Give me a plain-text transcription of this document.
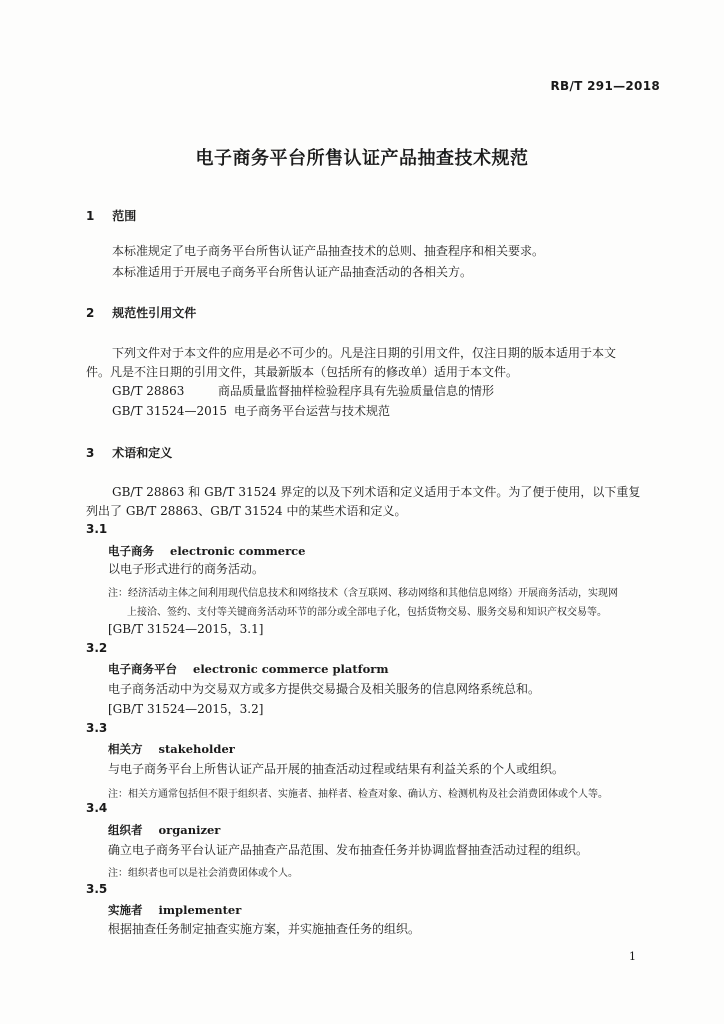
RB/T 291—2018
电子商务平台所售认证产品抽查技术规范
1 范围
本标准规定了电子商务平台所售认证产品抽查技术的总则、抽查程序和相关要求。
本标准适用于开展电子商务平台所售认证产品抽查活动的各相关方。
2 规范性引用文件
下列文件对于本文件的应用是必不可少的。凡是注日期的引用文件，仅注日期的版本适用于本文
件。凡是不注日期的引用文件，其最新版本（包括所有的修改单）适用于本文件。
GB/T 28863	商品质量监督抽样检验程序具有先验质量信息的情形
GB/T 31524—2015 电子商务平台运营与技术规范
3 术语和定义
GB/T 28863 和 GB/T 31524 界定的以及下列术语和定义适用于本文件。为了便于使用，以下重复
列出了 GB/T 28863、GB/T 31524 中的某些术语和定义。
3.1
电子商务 electronic commerce
以电子形式进行的商务活动。
注：经济活动主体之间利用现代信息技术和网络技术（含互联网、移动网络和其他信息网络）开展商务活动，实现网
上接洽、签约、支付等关键商务活动环节的部分或全部电子化，包括货物交易、服务交易和知识产权交易等。
[GB/T 31524—2015，3.1]
3.2
电子商务平台 electronic commerce platform
电子商务活动中为交易双方或多方提供交易撮合及相关服务的信息网络系统总和。
[GB/T 31524—2015，3.2]
3.3
相关方 stakeholder
与电子商务平台上所售认证产品开展的抽查活动过程或结果有利益关系的个人或组织。
注：相关方通常包括但不限于组织者、实施者、抽样者、检查对象、确认方、检测机构及社会消费团体或个人等。
3.4
组织者 organizer
确立电子商务平台认证产品抽查产品范围、发布抽查任务并协调监督抽查活动过程的组织。
注：组织者也可以是社会消费团体或个人。
3.5
实施者 implementer
根据抽查任务制定抽查实施方案，并实施抽查任务的组织。
1
